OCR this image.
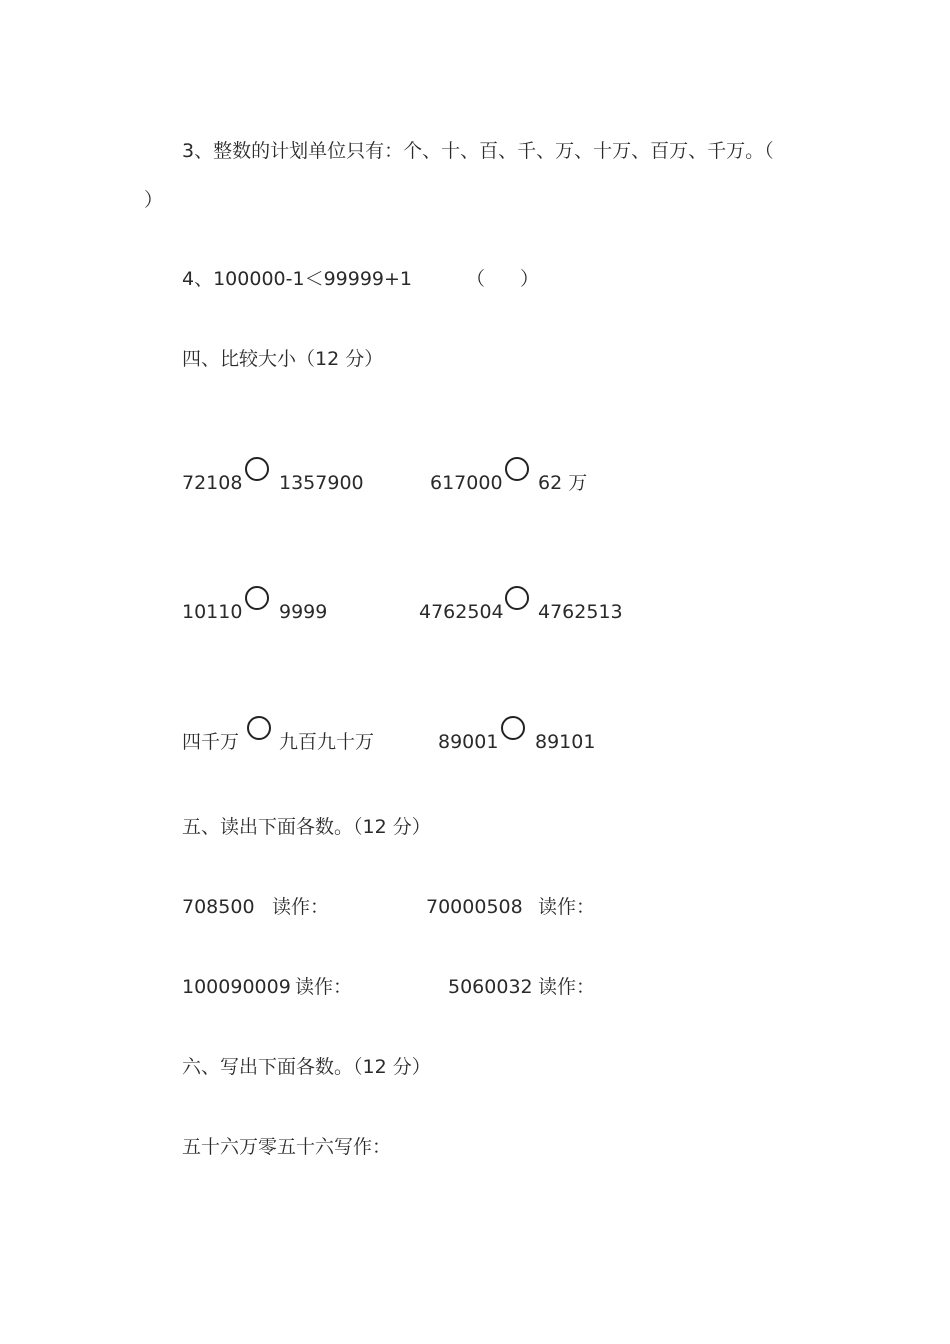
3、整数的计划单位只有：个、十、百、千、万、十万、百万、千万。（
）
4、100000-1＜99999+1	（ ）
四、比较大小（12 分）
72108 1357900	617000 62 万
10110 9999	4762504 4762513
四千万 九百九十万	89001 89101
五、读出下面各数。（12 分）
708500 读作：	70000508 读作：
100090009 读作：	5060032 读作：
六、写出下面各数。（12 分）
五十六万零五十六写作：
